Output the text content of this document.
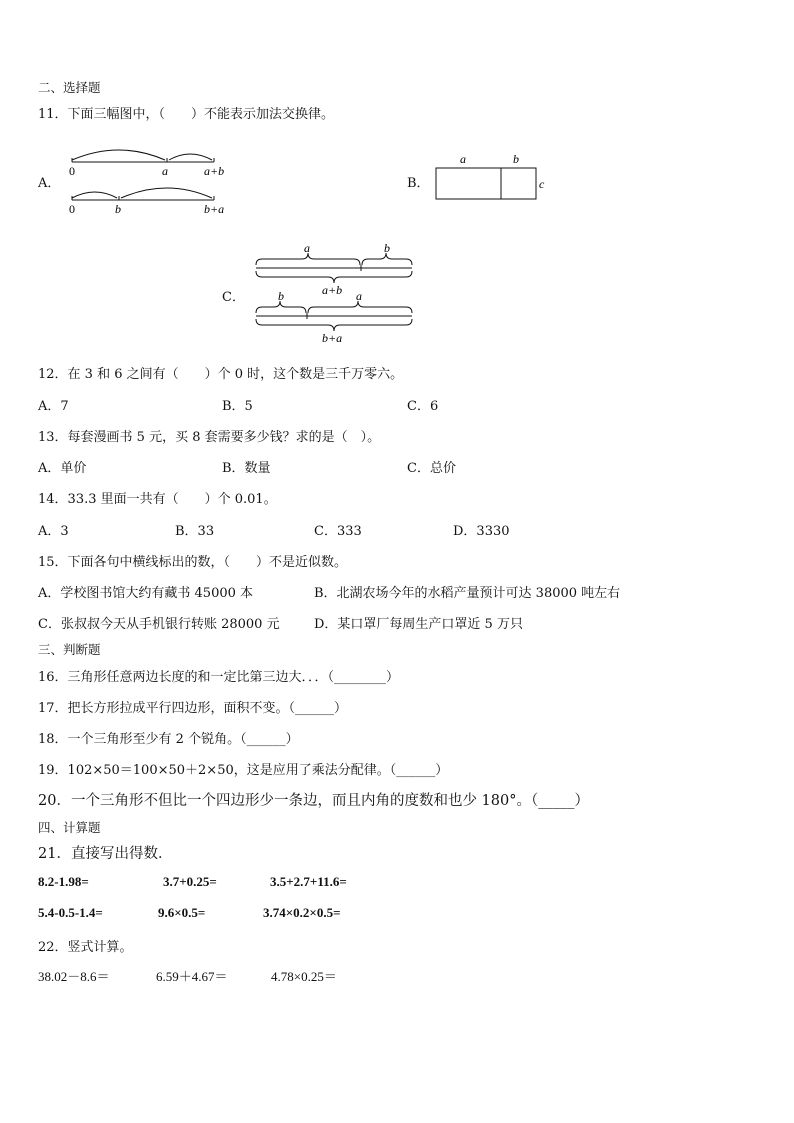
二、选择题
11．下面三幅图中，（　　）不能表示加法交换律。
A．
0	a	a+b
0	b	b+a
B．
a	b
c
C．
a	b
a+b
b	a
b+a
12．在 3 和 6 之间有（　　）个 0 时，这个数是三千万零六。
A．7	B．5	C．6
13．每套漫画书 5 元，买 8 套需要多少钱？求的是（　）。
A．单价	B．数量	C．总价
14．33.3 里面一共有（　　）个 0.01。
A．3	B．33	C．333	D．3330
15．下面各句中横线标出的数，（　　）不是近似数。
A．学校图书馆大约有藏书 45000 本	B．北湖农场今年的水稻产量预计可达 38000 吨左右
C．张叔叔今天从手机银行转账 28000 元	D．某口罩厂每周生产口罩近 5 万只
三、判断题
16．三角形任意两边长度的和一定比第三边大．．．（________）
17．把长方形拉成平行四边形，面积不变。（______）
18．一个三角形至少有 2 个锐角。（______）
19．102×50＝100×50＋2×50，这是应用了乘法分配律。（______）
20．一个三角形不但比一个四边形少一条边，而且内角的度数和也少 180°。（_____）
四、计算题
21．直接写出得数．
8.2-1.98=	3.7+0.25=	3.5+2.7+11.6=
5.4-0.5-1.4=	9.6×0.5=	3.74×0.2×0.5=
22．竖式计算。
38.02－8.6＝	6.59＋4.67＝	4.78×0.25＝
